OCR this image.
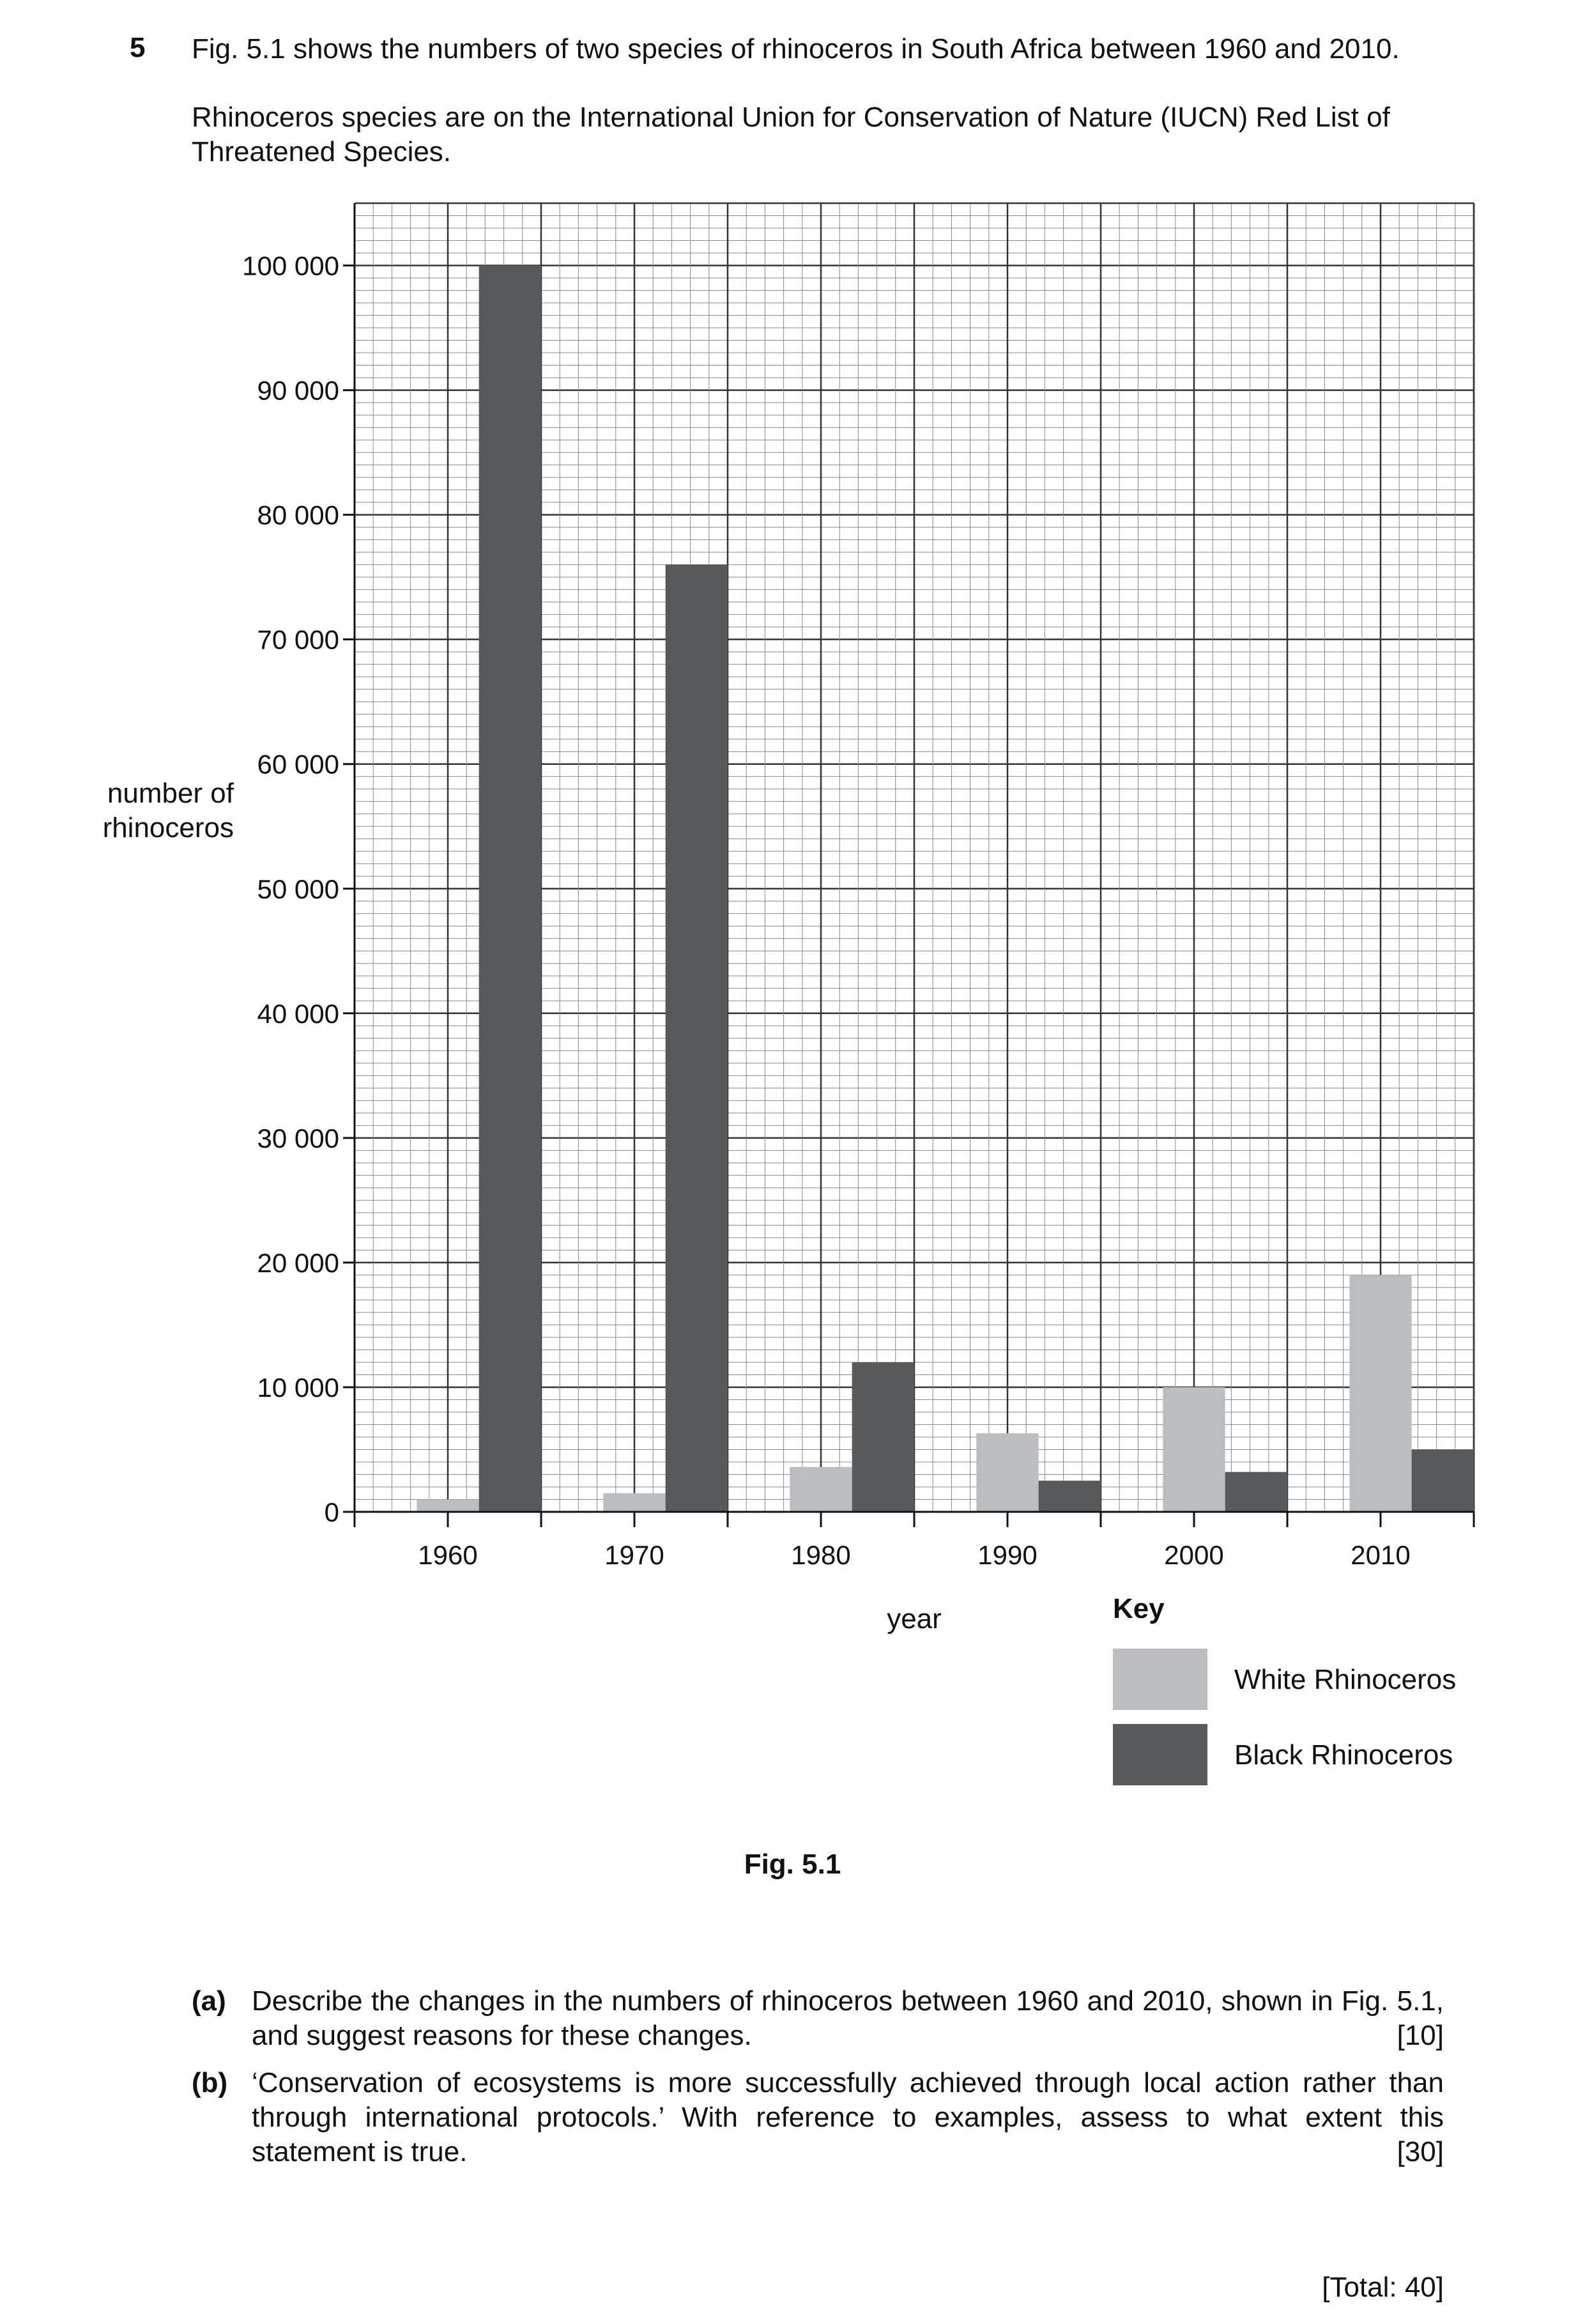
5 Fig. 5.1 shows the numbers of two species of rhinoceros in South Africa between 1960 and 2010.
Rhinoceros species are on the International Union for Conservation of Nature (IUCN) Red List of Threatened Species.
0
10 000
20 000
30 000
40 000
50 000
60 000
70 000
80 000
90 000
100 000
1960	1970	1980	1990	2000	2010
year
number of
rhinoceros
Key
White Rhinoceros
Black Rhinoceros
Fig. 5.1
(a) Describe the changes in the numbers of rhinoceros between 1960 and 2010, shown in Fig. 5.1, and suggest reasons for these changes.	[10]
(b) ‘Conservation of ecosystems is more successfully achieved through local action rather than through international protocols.’ With reference to examples, assess to what extent this statement is true.	[30]
[Total: 40]
